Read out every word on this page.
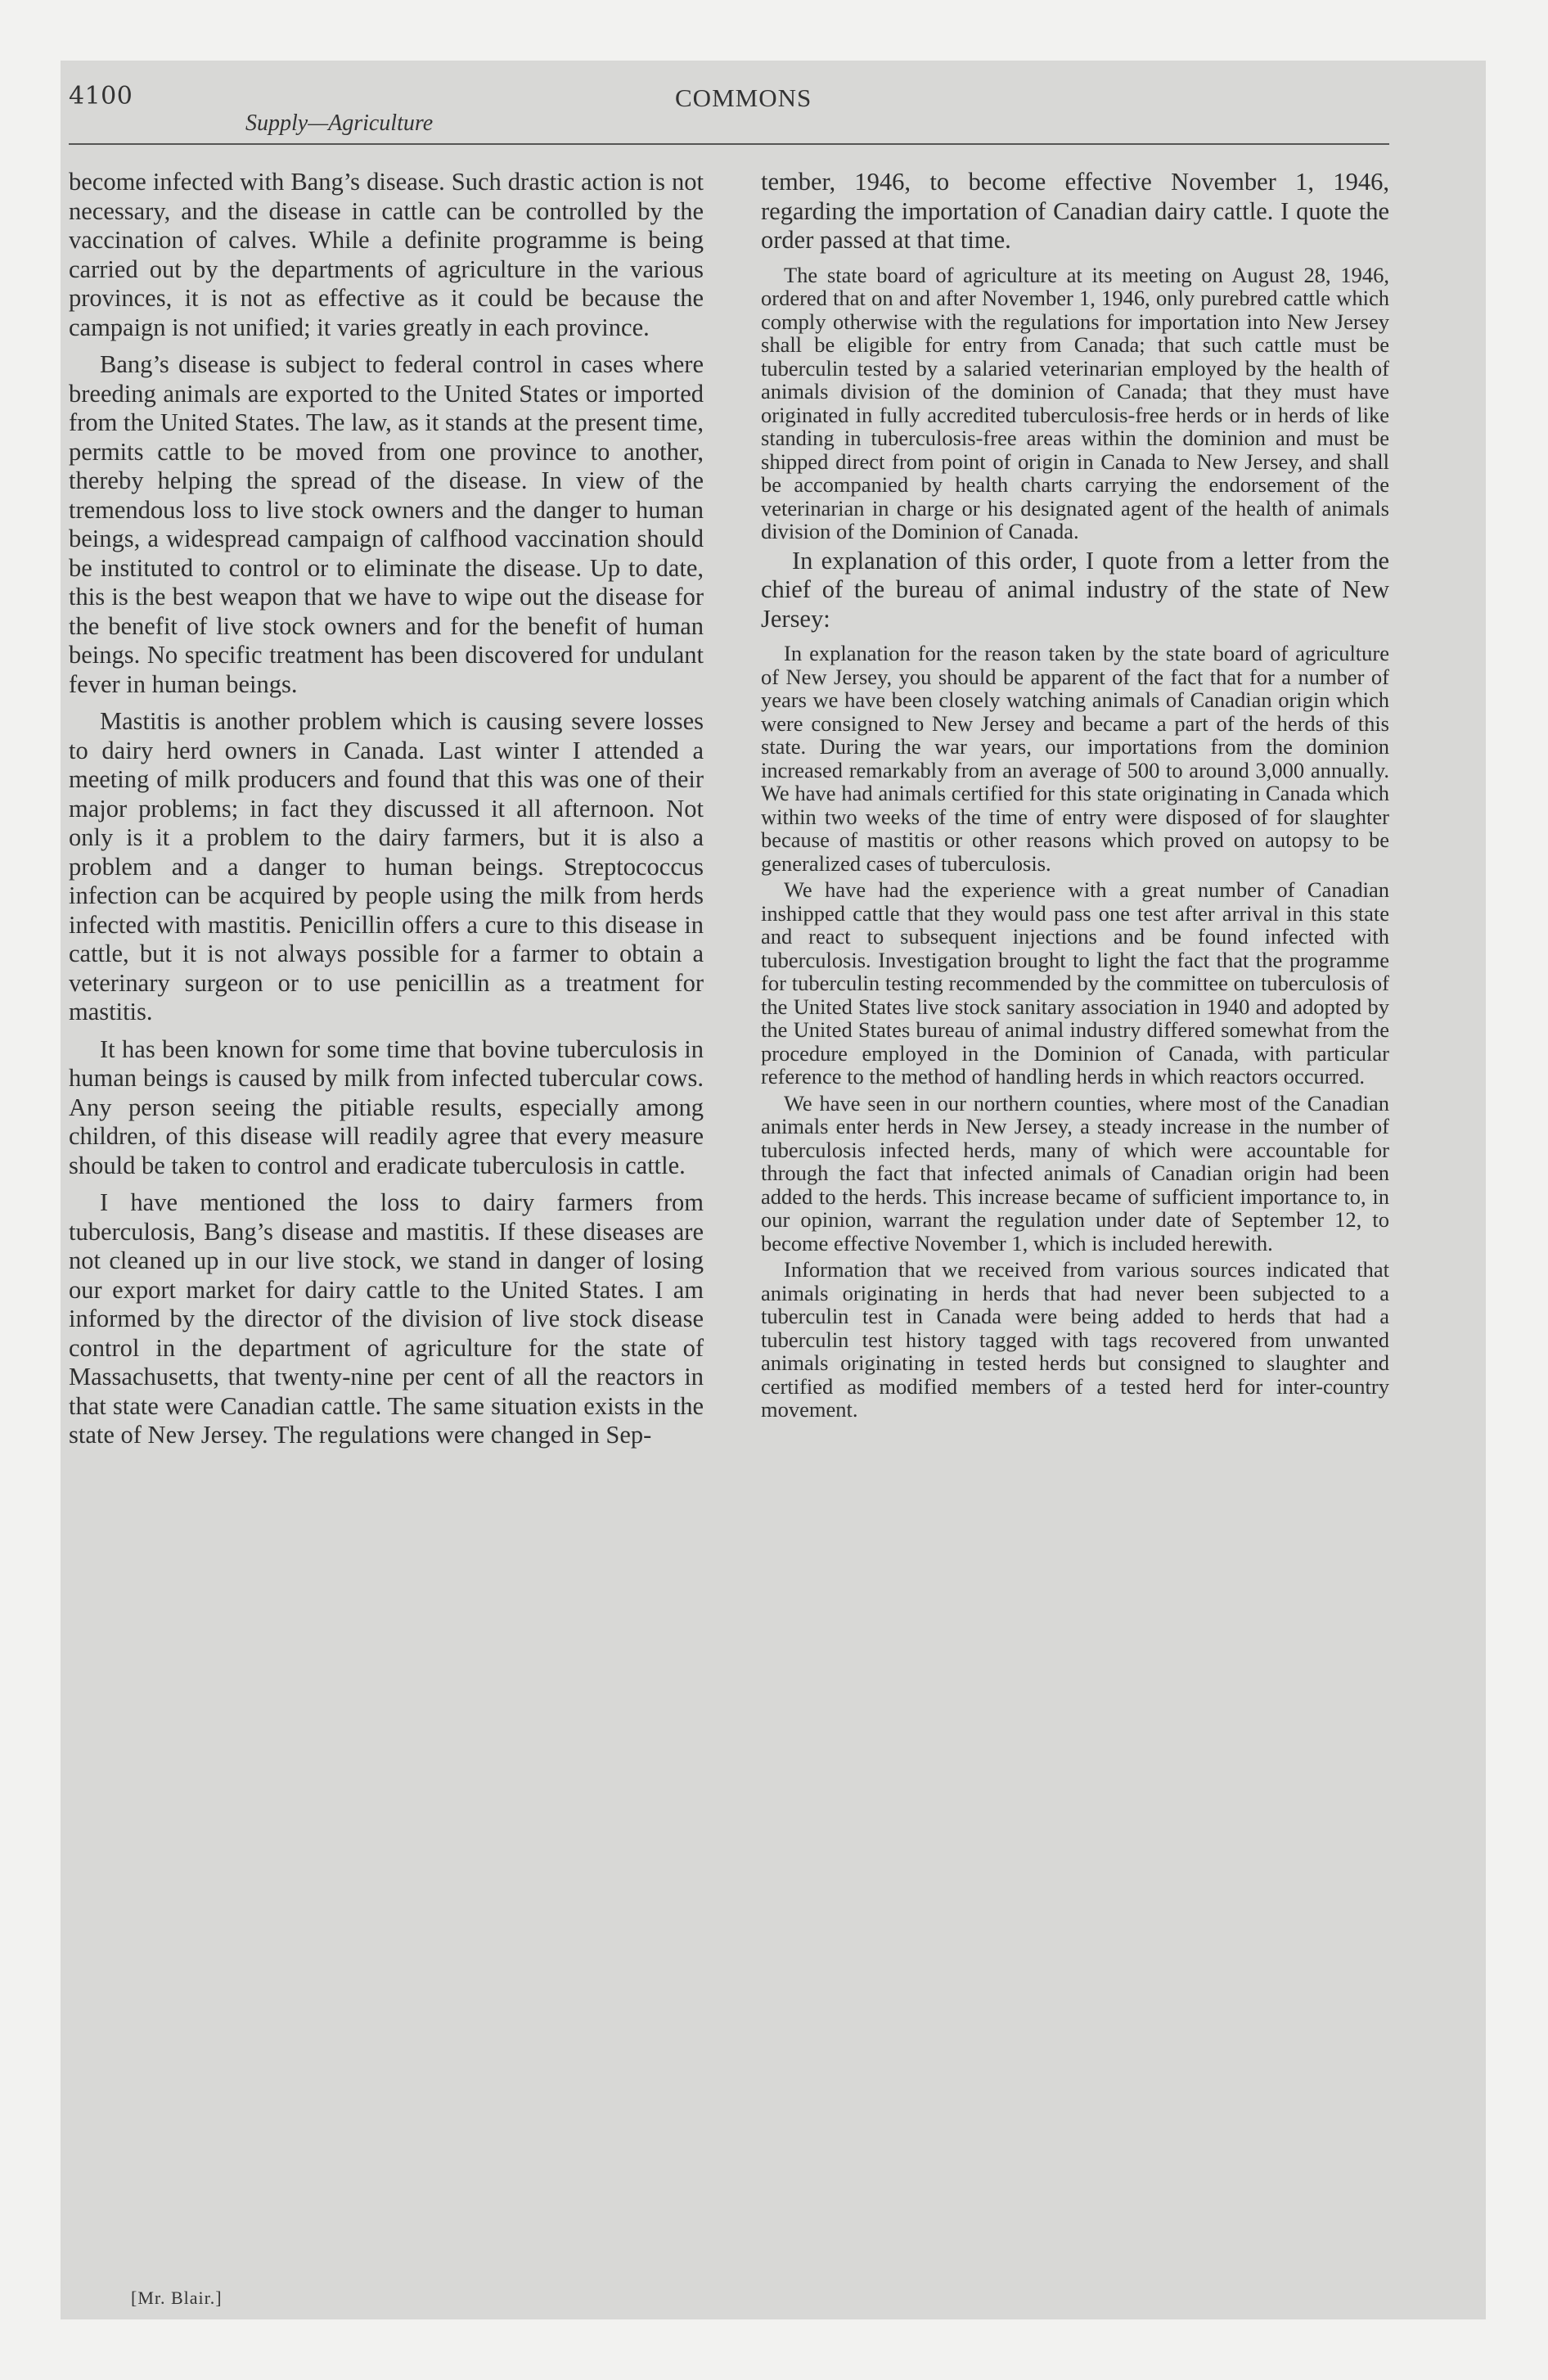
4100	COMMONS
Supply—Agriculture

become infected with Bang’s disease. Such drastic action is not necessary, and the disease in cattle can be controlled by the vaccination of calves. While a definite programme is being carried out by the departments of agriculture in the various provinces, it is not as effective as it could be because the campaign is not unified; it varies greatly in each province.

Bang’s disease is subject to federal control in cases where breeding animals are exported to the United States or imported from the United States. The law, as it stands at the present time, permits cattle to be moved from one province to another, thereby helping the spread of the disease. In view of the tremendous loss to live stock owners and the danger to human beings, a widespread campaign of calfhood vaccination should be instituted to control or to eliminate the disease. Up to date, this is the best weapon that we have to wipe out the disease for the benefit of live stock owners and for the benefit of human beings. No specific treatment has been discovered for undulant fever in human beings.

Mastitis is another problem which is causing severe losses to dairy herd owners in Canada. Last winter I attended a meeting of milk producers and found that this was one of their major problems; in fact they discussed it all afternoon. Not only is it a problem to the dairy farmers, but it is also a problem and a danger to human beings. Streptococcus infection can be acquired by people using the milk from herds infected with mastitis. Penicillin offers a cure to this disease in cattle, but it is not always possible for a farmer to obtain a veterinary surgeon or to use penicillin as a treatment for mastitis.

It has been known for some time that bovine tuberculosis in human beings is caused by milk from infected tubercular cows. Any person seeing the pitiable results, especially among children, of this disease will readily agree that every measure should be taken to control and eradicate tuberculosis in cattle.

I have mentioned the loss to dairy farmers from tuberculosis, Bang’s disease and mastitis. If these diseases are not cleaned up in our live stock, we stand in danger of losing our export market for dairy cattle to the United States. I am informed by the director of the division of live stock disease control in the department of agriculture for the state of Massachusetts, that twenty-nine per cent of all the reactors in that state were Canadian cattle. The same situation exists in the state of New Jersey. The regulations were changed in Sep-

[Mr. Blair.]

tember, 1946, to become effective November 1, 1946, regarding the importation of Canadian dairy cattle. I quote the order passed at that time.

The state board of agriculture at its meeting on August 28, 1946, ordered that on and after November 1, 1946, only purebred cattle which comply otherwise with the regulations for importation into New Jersey shall be eligible for entry from Canada; that such cattle must be tuberculin tested by a salaried veterinarian employed by the health of animals division of the dominion of Canada; that they must have originated in fully accredited tuberculosis-free herds or in herds of like standing in tuberculosis-free areas within the dominion and must be shipped direct from point of origin in Canada to New Jersey, and shall be accompanied by health charts carrying the endorsement of the veterinarian in charge or his designated agent of the health of animals division of the Dominion of Canada.

In explanation of this order, I quote from a letter from the chief of the bureau of animal industry of the state of New Jersey:

In explanation for the reason taken by the state board of agriculture of New Jersey, you should be apparent of the fact that for a number of years we have been closely watching animals of Canadian origin which were consigned to New Jersey and became a part of the herds of this state. During the war years, our importations from the dominion increased remarkably from an average of 500 to around 3,000 annually. We have had animals certified for this state originating in Canada which within two weeks of the time of entry were disposed of for slaughter because of mastitis or other reasons which proved on autopsy to be generalized cases of tuberculosis.

We have had the experience with a great number of Canadian inshipped cattle that they would pass one test after arrival in this state and react to subsequent injections and be found infected with tuberculosis. Investigation brought to light the fact that the programme for tuberculin testing recommended by the committee on tuberculosis of the United States live stock sanitary association in 1940 and adopted by the United States bureau of animal industry differed somewhat from the procedure employed in the Dominion of Canada, with particular reference to the method of handling herds in which reactors occurred.

We have seen in our northern counties, where most of the Canadian animals enter herds in New Jersey, a steady increase in the number of tuberculosis infected herds, many of which were accountable for through the fact that infected animals of Canadian origin had been added to the herds. This increase became of sufficient importance to, in our opinion, warrant the regulation under date of September 12, to become effective November 1, which is included herewith.

Information that we received from various sources indicated that animals originating in herds that had never been subjected to a tuberculin test in Canada were being added to herds that had a tuberculin test history tagged with tags recovered from unwanted animals originating in tested herds but consigned to slaughter and certified as modified members of a tested herd for inter-country movement.
